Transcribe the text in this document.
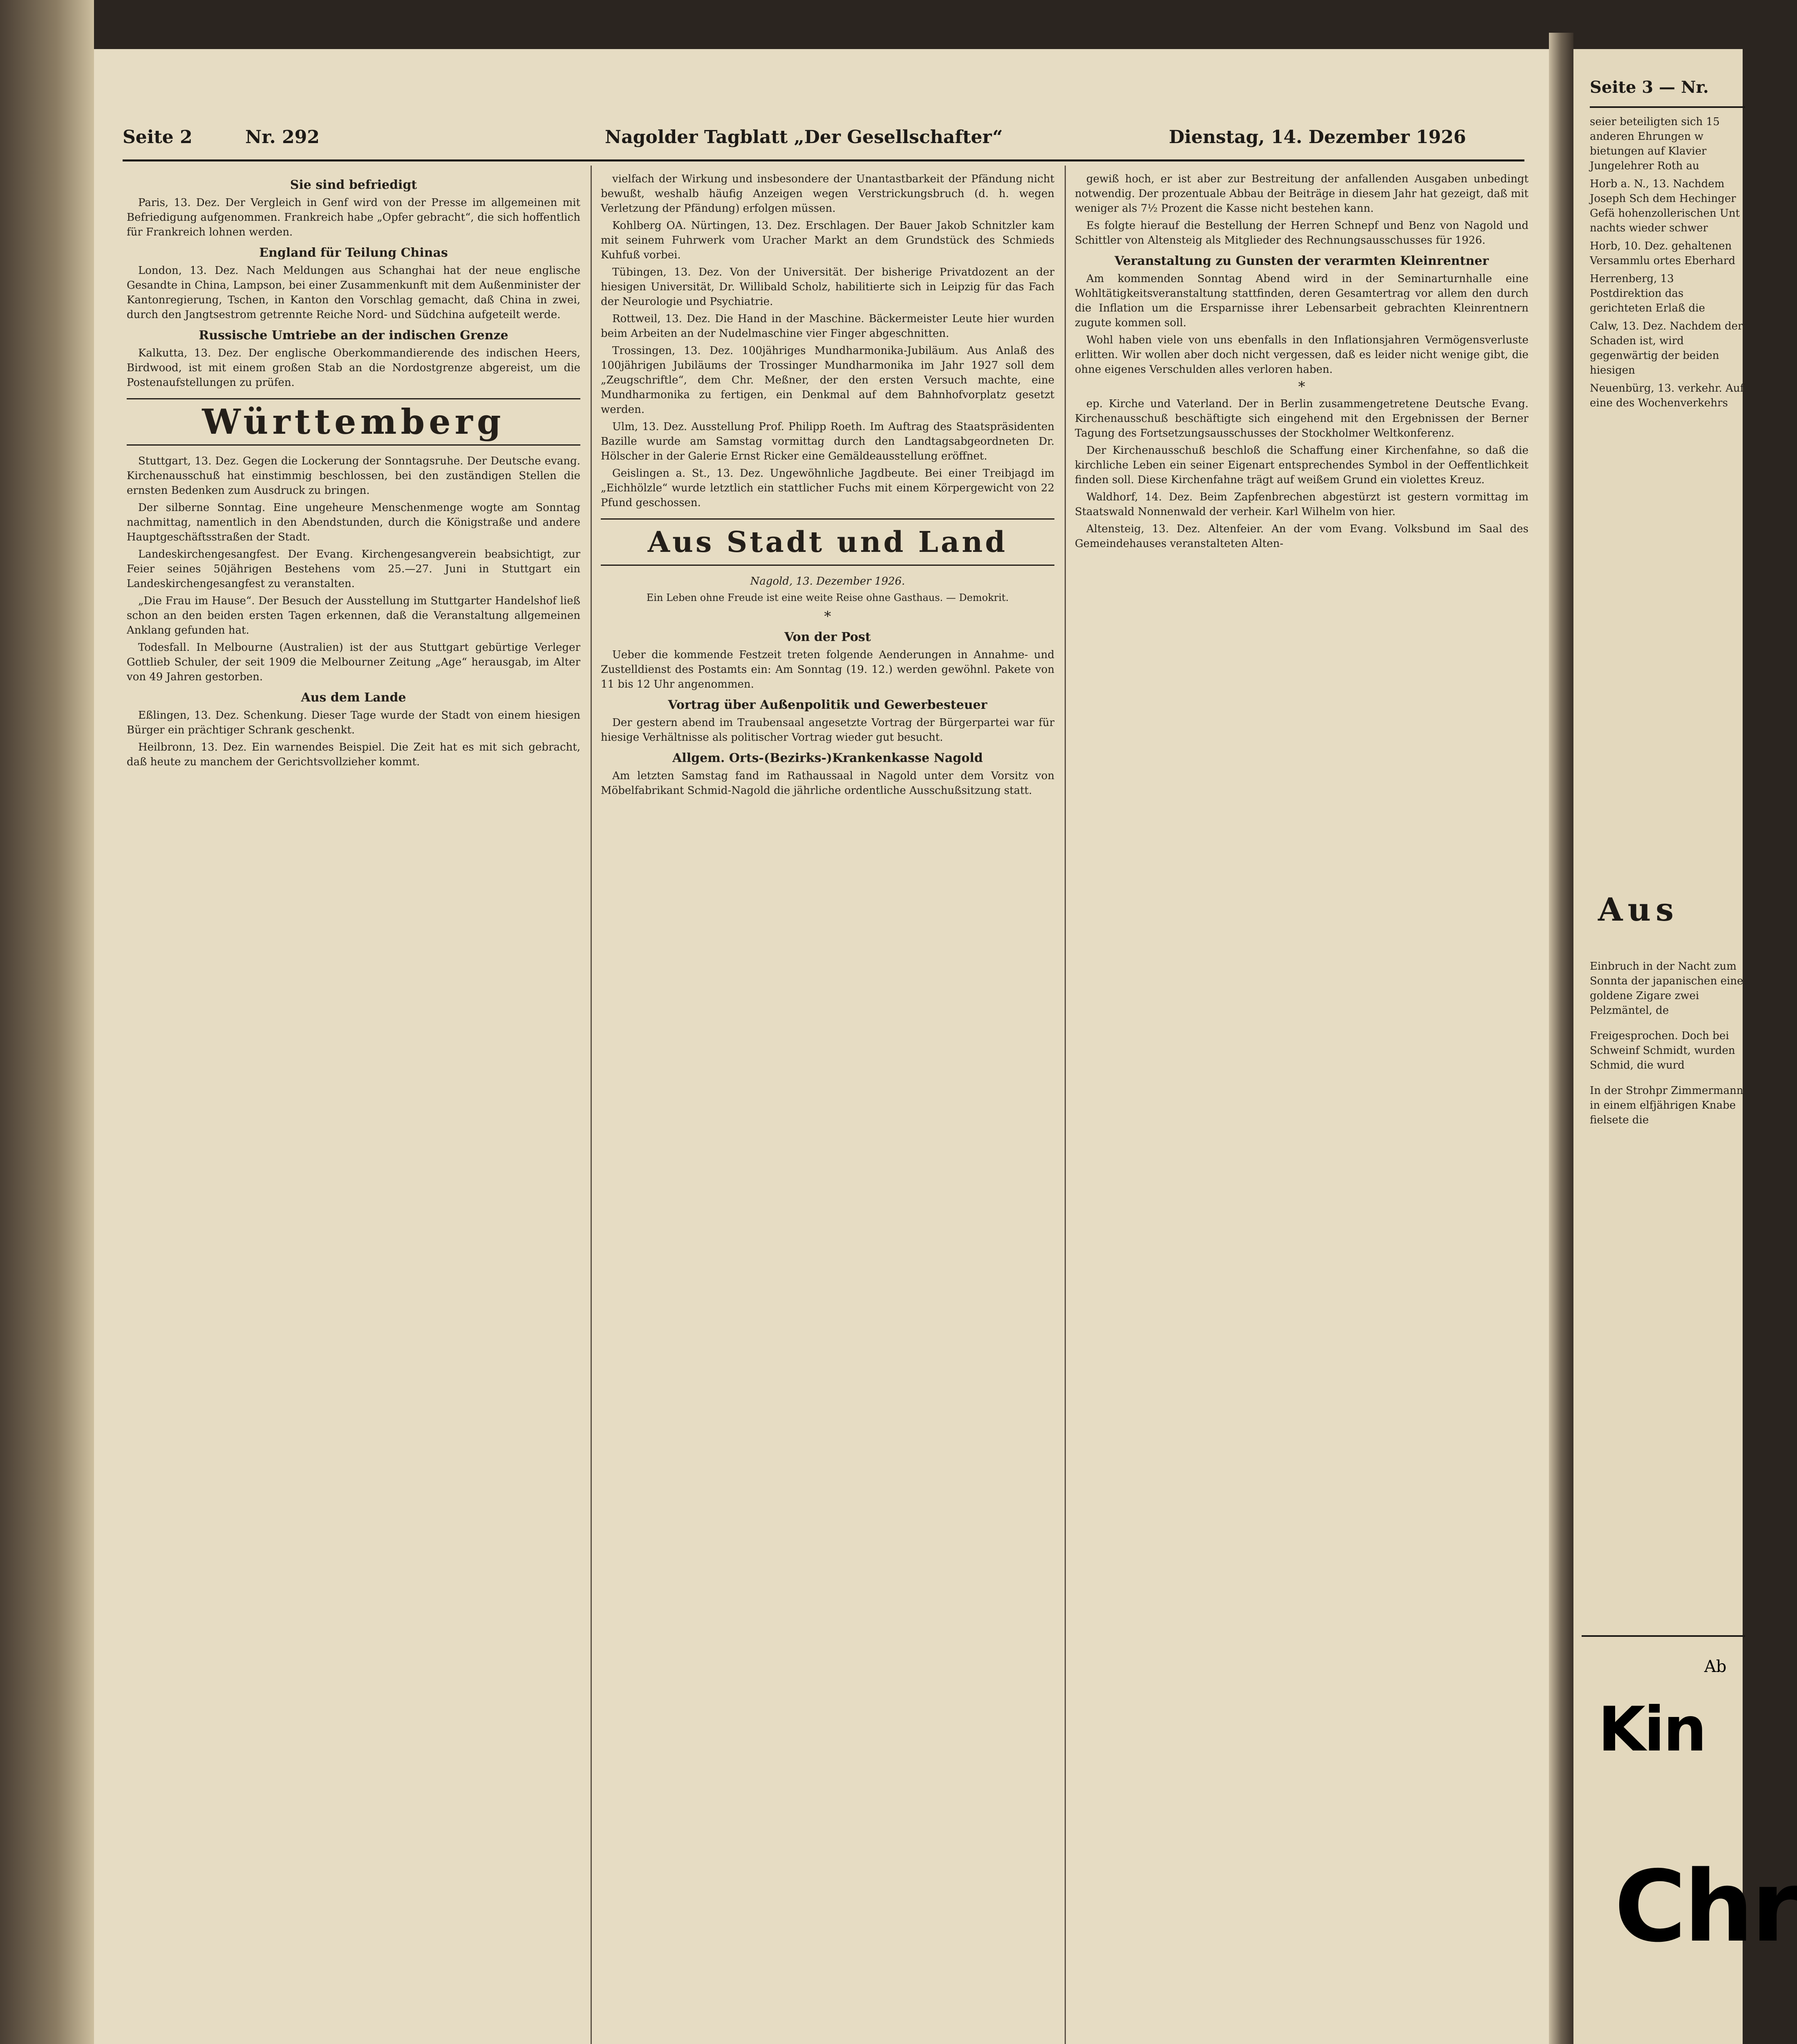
Seite 2	Nr. 292	Nagolder Tagblatt „Der Gesellschafter“	Dienstag, 14. Dezember 1926
Sie sind befriedigt

Paris, 13. Dez. Der Vergleich in Genf wird von der Presse im allgemeinen mit Befriedigung aufgenommen. Frankreich habe „Opfer gebracht“, die sich hoffentlich für Frankreich lohnen werden.

England für Teilung Chinas

London, 13. Dez. Nach Meldungen aus Schanghai hat der neue englische Gesandte in China, Lampson, bei einer Zusammenkunft mit dem Außenminister der Kantonregierung, Tschen, in Kanton den Vorschlag gemacht, daß China in zwei, durch den Jangtsestrom getrennte Reiche Nord- und Südchina aufgeteilt werde.

Russische Umtriebe an der indischen Grenze

Kalkutta, 13. Dez. Der englische Oberkommandierende des indischen Heers, Birdwood, ist mit einem großen Stab an die Nordostgrenze abgereist, um die Postenaufstellungen zu prüfen.

Württemberg

Stuttgart, 13. Dez. Gegen die Lockerung der Sonntagsruhe. Der Deutsche evang. Kirchenausschuß hat einstimmig beschlossen, bei den zuständigen Stellen die ernsten Bedenken zum Ausdruck zu bringen.

Der silberne Sonntag. Eine ungeheure Menschenmenge wogte am Sonntag nachmittag, namentlich in den Abendstunden, durch die Königstraße und andere Hauptgeschäftsstraßen der Stadt.

Landeskirchengesangfest. Der Evang. Kirchengesangverein beabsichtigt, zur Feier seines 50jährigen Bestehens vom 25.—27. Juni in Stuttgart ein Landeskirchengesangfest zu veranstalten.

„Die Frau im Hause“. Der Besuch der Ausstellung im Stuttgarter Handelshof ließ schon an den beiden ersten Tagen erkennen, daß die Veranstaltung allgemeinen Anklang gefunden hat.

Todesfall. In Melbourne (Australien) ist der aus Stuttgart gebürtige Verleger Gottlieb Schuler, der seit 1909 die Melbourner Zeitung „Age“ herausgab, im Alter von 49 Jahren gestorben.

Aus dem Lande

Eßlingen, 13. Dez. Schenkung. Dieser Tage wurde der Stadt von einem hiesigen Bürger ein prächtiger Schrank geschenkt.

Heilbronn, 13. Dez. Ein warnendes Beispiel. Die Zeit hat es mit sich gebracht, daß heute zu manchem der Gerichtsvollzieher kommt.

vielfach der Wirkung und insbesondere der Unantastbarkeit der Pfändung nicht bewußt, weshalb häufig Anzeigen wegen Verstrickungsbruch (d. h. wegen Verletzung der Pfändung) erfolgen müssen.

Kohlberg OA. Nürtingen, 13. Dez. Erschlagen. Der Bauer Jakob Schnitzler kam mit seinem Fuhrwerk vom Uracher Markt an dem Grundstück des Schmieds Kuhfuß vorbei.

Tübingen, 13. Dez. Von der Universität. Der bisherige Privatdozent an der hiesigen Universität, Dr. Willibald Scholz, habilitierte sich in Leipzig für das Fach der Neurologie und Psychiatrie.

Rottweil, 13. Dez. Die Hand in der Maschine. Bäckermeister Leute hier wurden beim Arbeiten an der Nudelmaschine vier Finger abgeschnitten.

Trossingen, 13. Dez. 100jähriges Mundharmonika-Jubiläum. Aus Anlaß des 100jährigen Jubiläums der Trossinger Mundharmonika im Jahr 1927 soll dem „Zeugschriftle“, dem Chr. Meßner, der den ersten Versuch machte, eine Mundharmonika zu fertigen, ein Denkmal auf dem Bahnhofvorplatz gesetzt werden.

Ulm, 13. Dez. Ausstellung Prof. Philipp Roeth. Im Auftrag des Staatspräsidenten Bazille wurde am Samstag vormittag durch den Landtagsabgeordneten Dr. Hölscher in der Galerie Ernst Ricker eine Gemäldeausstellung eröffnet.

Geislingen a. St., 13. Dez. Ungewöhnliche Jagdbeute. Bei einer Treibjagd im „Eichhölzle“ wurde letztlich ein stattlicher Fuchs mit einem Körpergewicht von 22 Pfund geschossen.

Aus Stadt und Land
Nagold, 13. Dezember 1926.
Ein Leben ohne Freude ist eine weite Reise ohne Gasthaus. — Demokrit.
*
Von der Post

Ueber die kommende Festzeit treten folgende Aenderungen in Annahme- und Zustelldienst des Postamts ein: Am Sonntag (19. 12.) werden gewöhnl. Pakete von 11 bis 12 Uhr angenommen.

Vortrag über Außenpolitik und Gewerbesteuer

Der gestern abend im Traubensaal angesetzte Vortrag der Bürgerpartei war für hiesige Verhältnisse als politischer Vortrag wieder gut besucht.

Allgem. Orts-(Bezirks-)Krankenkasse Nagold

Am letzten Samstag fand im Rathaussaal in Nagold unter dem Vorsitz von Möbelfabrikant Schmid-Nagold die jährliche ordentliche Ausschußsitzung statt.

gewiß hoch, er ist aber zur Bestreitung der anfallenden Ausgaben unbedingt notwendig. Der prozentuale Abbau der Beiträge in diesem Jahr hat gezeigt, daß mit weniger als 7½ Prozent die Kasse nicht bestehen kann.

Es folgte hierauf die Bestellung der Herren Schnepf und Benz von Nagold und Schittler von Altensteig als Mitglieder des Rechnungsausschusses für 1926.

Veranstaltung zu Gunsten der verarmten Kleinrentner

Am kommenden Sonntag Abend wird in der Seminarturnhalle eine Wohltätigkeitsveranstaltung stattfinden, deren Gesamtertrag vor allem den durch die Inflation um die Ersparnisse ihrer Lebensarbeit gebrachten Kleinrentnern zugute kommen soll.

Wohl haben viele von uns ebenfalls in den Inflationsjahren Vermögensverluste erlitten. Wir wollen aber doch nicht vergessen, daß es leider nicht wenige gibt, die ohne eigenes Verschulden alles verloren haben.

*

ep. Kirche und Vaterland. Der in Berlin zusammengetretene Deutsche Evang. Kirchenausschuß beschäftigte sich eingehend mit den Ergebnissen der Berner Tagung des Fortsetzungsausschusses der Stockholmer Weltkonferenz.

Der Kirchenausschuß beschloß die Schaffung einer Kirchenfahne, so daß die kirchliche Leben ein seiner Eigenart entsprechendes Symbol in der Oeffentlichkeit finden soll. Diese Kirchenfahne trägt auf weißem Grund ein violettes Kreuz.

Waldhorf, 14. Dez. Beim Zapfenbrechen abgestürzt ist gestern vormittag im Staatswald Nonnenwald der verheir. Karl Wilhelm von hier.

Altensteig, 13. Dez. Altenfeier. An der vom Evang. Volksbund im Saal des Gemeindehauses veranstalteten Alten-

Seite 3 — Nr.

seier beteiligten sich 15 anderen Ehrungen w bietungen auf Klavier Jungelehrer Roth au

Horb a. N., 13. Nachdem Joseph Sch dem Hechinger Gefä hohenzollerischen Unt nachts wieder schwer

Horb, 10. Dez. gehaltenen Versammlu ortes Eberhard

Herrenberg, 13 Postdirektion das gerichteten Erlaß die

Calw, 13. Dez. Nachdem der Schaden ist, wird gegenwärtig der beiden hiesigen

Neuenbürg, 13. verkehr. Auf eine des Wochenverkehrs

Aus

Einbruch in der Nacht zum Sonnta der japanischen eine goldene Zigare zwei Pelzmäntel, de

Freigesprochen. Doch bei Schweinf Schmidt, wurden Schmid, die wurd

In der Strohpr Zimmermann in einem elfjährigen Knabe fielsete die

Ab
Kin
Chr
